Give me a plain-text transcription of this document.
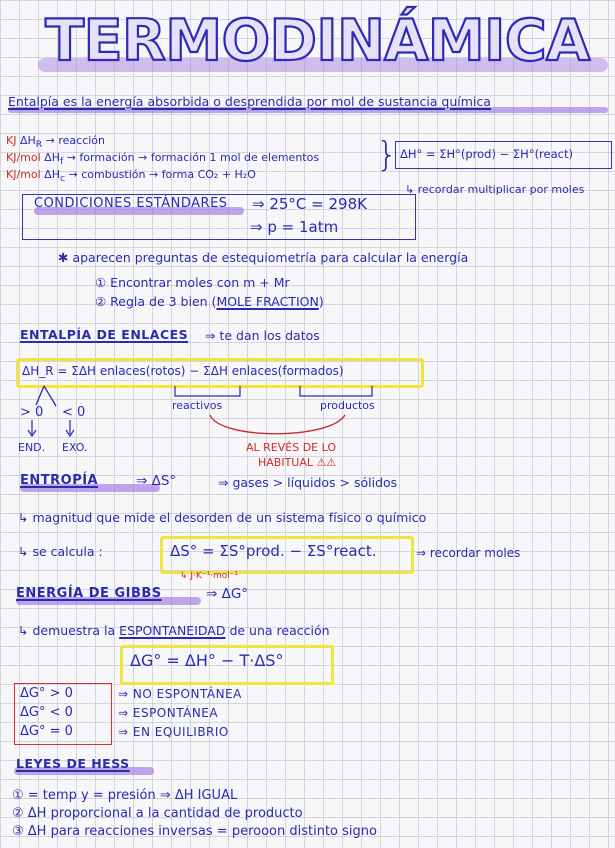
TERMODINÁMICA
Entalpía es la energía absorbida o desprendida por mol de sustancia química
KJ $\Delta H_R$ → reacción
KJ/mol $\Delta H_f$ → formación → formación 1 mol de elementos
KJ/mol $\Delta H_c$ → combustión → forma CO₂ + H₂O	} ΔH° = ΣH°(prod) − ΣH°(react)
↳ recordar multiplicar por moles
CONDICIONES ESTÁNDARES ⇒ 25°C = 298K
⇒ p = 1atm
✱ aparecen preguntas de estequiometría para calcular la energía
① Encontrar moles con m + Mr
② Regla de 3 bien (MOLE FRACTION)
ENTALPÍA DE ENLACES ⇒ te dan los datos
ΔH_R = ΣΔH enlaces(rotos) − ΣΔH enlaces(formados)
reactivos	productos
> 0 < 0
END. EXO.	AL REVÉS DE LO
HABITUAL ⚠⚠
ENTROPÍA	⇒ ΔS°	⇒ gases > líquidos > sólidos
↳ magnitud que mide el desorden de un sistema físico o químico
↳ se calcula :	ΔS° = ΣS°prod. − ΣS°react.	⇒ recordar moles
↳ J·K⁻¹·mol⁻¹
ENERGÍA DE GIBBS	⇒ ΔG°
↳ demuestra la ESPONTANEIDAD de una reacción
ΔG° = ΔH° − T·ΔS°
ΔG° > 0	⇒ NO ESPONTÁNEA
ΔG° < 0	⇒ ESPONTÁNEA
ΔG° = 0	⇒ EN EQUILIBRIO
LEYES DE HESS
① = temp y = presión ⇒ ΔH IGUAL
② ΔH proporcional a la cantidad de producto
③ ΔH para reacciones inversas = perooon distinto signo
